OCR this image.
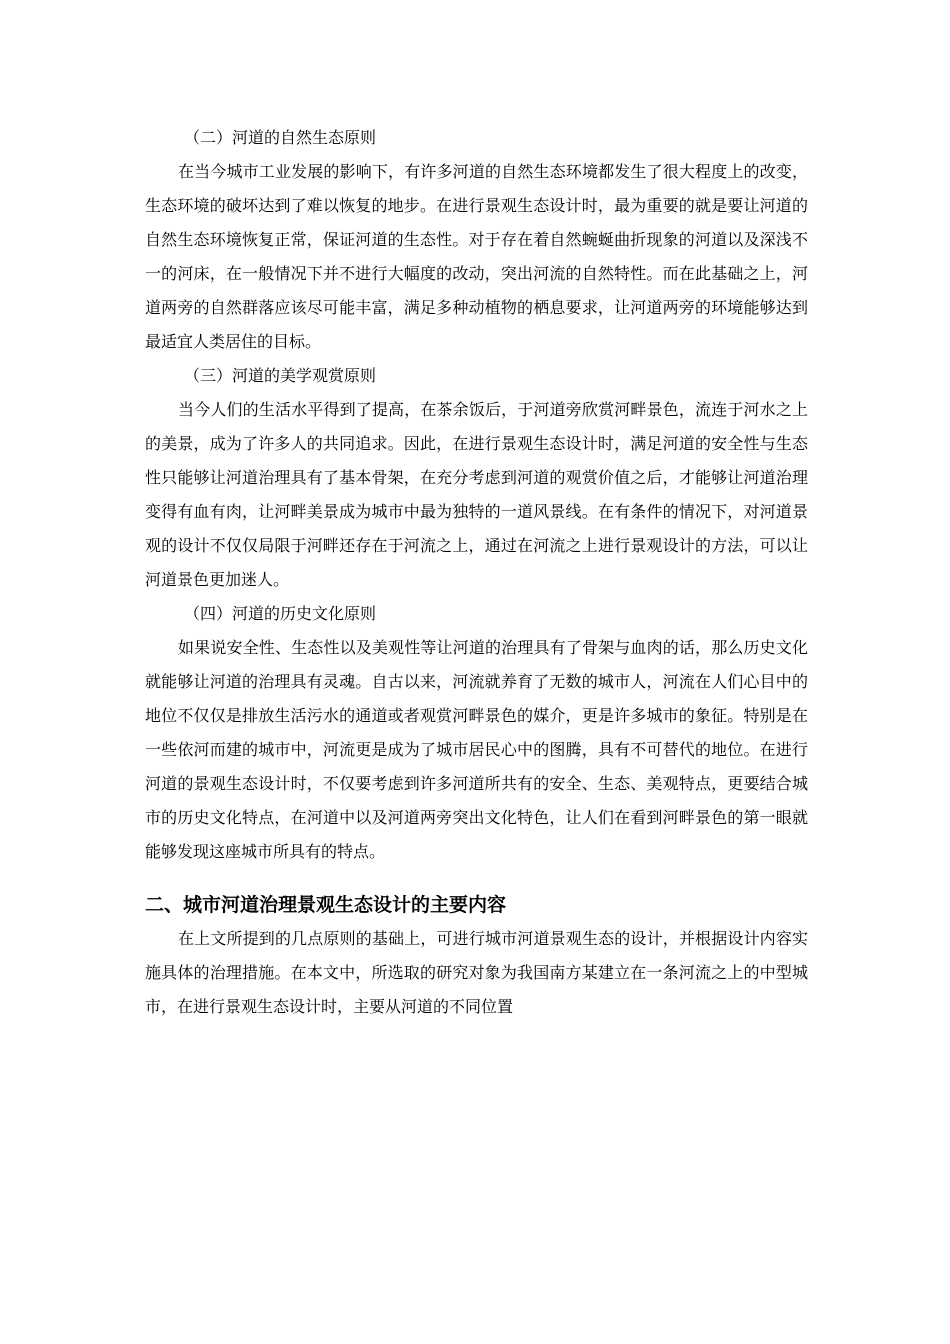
（二）河道的自然生态原则

在当今城市工业发展的影响下，有许多河道的自然生态环境都发生了很大程度上的改变，生态环境的破坏达到了难以恢复的地步。在进行景观生态设计时，最为重要的就是要让河道的自然生态环境恢复正常，保证河道的生态性。对于存在着自然蜿蜒曲折现象的河道以及深浅不一的河床，在一般情况下并不进行大幅度的改动，突出河流的自然特性。而在此基础之上，河道两旁的自然群落应该尽可能丰富，满足多种动植物的栖息要求，让河道两旁的环境能够达到最适宜人类居住的目标。

（三）河道的美学观赏原则

当今人们的生活水平得到了提高，在茶余饭后，于河道旁欣赏河畔景色，流连于河水之上的美景，成为了许多人的共同追求。因此，在进行景观生态设计时，满足河道的安全性与生态性只能够让河道治理具有了基本骨架，在充分考虑到河道的观赏价值之后，才能够让河道治理变得有血有肉，让河畔美景成为城市中最为独特的一道风景线。在有条件的情况下，对河道景观的设计不仅仅局限于河畔还存在于河流之上，通过在河流之上进行景观设计的方法，可以让河道景色更加迷人。

（四）河道的历史文化原则

如果说安全性、生态性以及美观性等让河道的治理具有了骨架与血肉的话，那么历史文化就能够让河道的治理具有灵魂。自古以来，河流就养育了无数的城市人，河流在人们心目中的地位不仅仅是排放生活污水的通道或者观赏河畔景色的媒介，更是许多城市的象征。特别是在一些依河而建的城市中，河流更是成为了城市居民心中的图腾，具有不可替代的地位。在进行河道的景观生态设计时，不仅要考虑到许多河道所共有的安全、生态、美观特点，更要结合城市的历史文化特点，在河道中以及河道两旁突出文化特色，让人们在看到河畔景色的第一眼就能够发现这座城市所具有的特点。

二、城市河道治理景观生态设计的主要内容

在上文所提到的几点原则的基础上，可进行城市河道景观生态的设计，并根据设计内容实施具体的治理措施。在本文中，所选取的研究对象为我国南方某建立在一条河流之上的中型城市，在进行景观生态设计时，主要从河道的不同位置
